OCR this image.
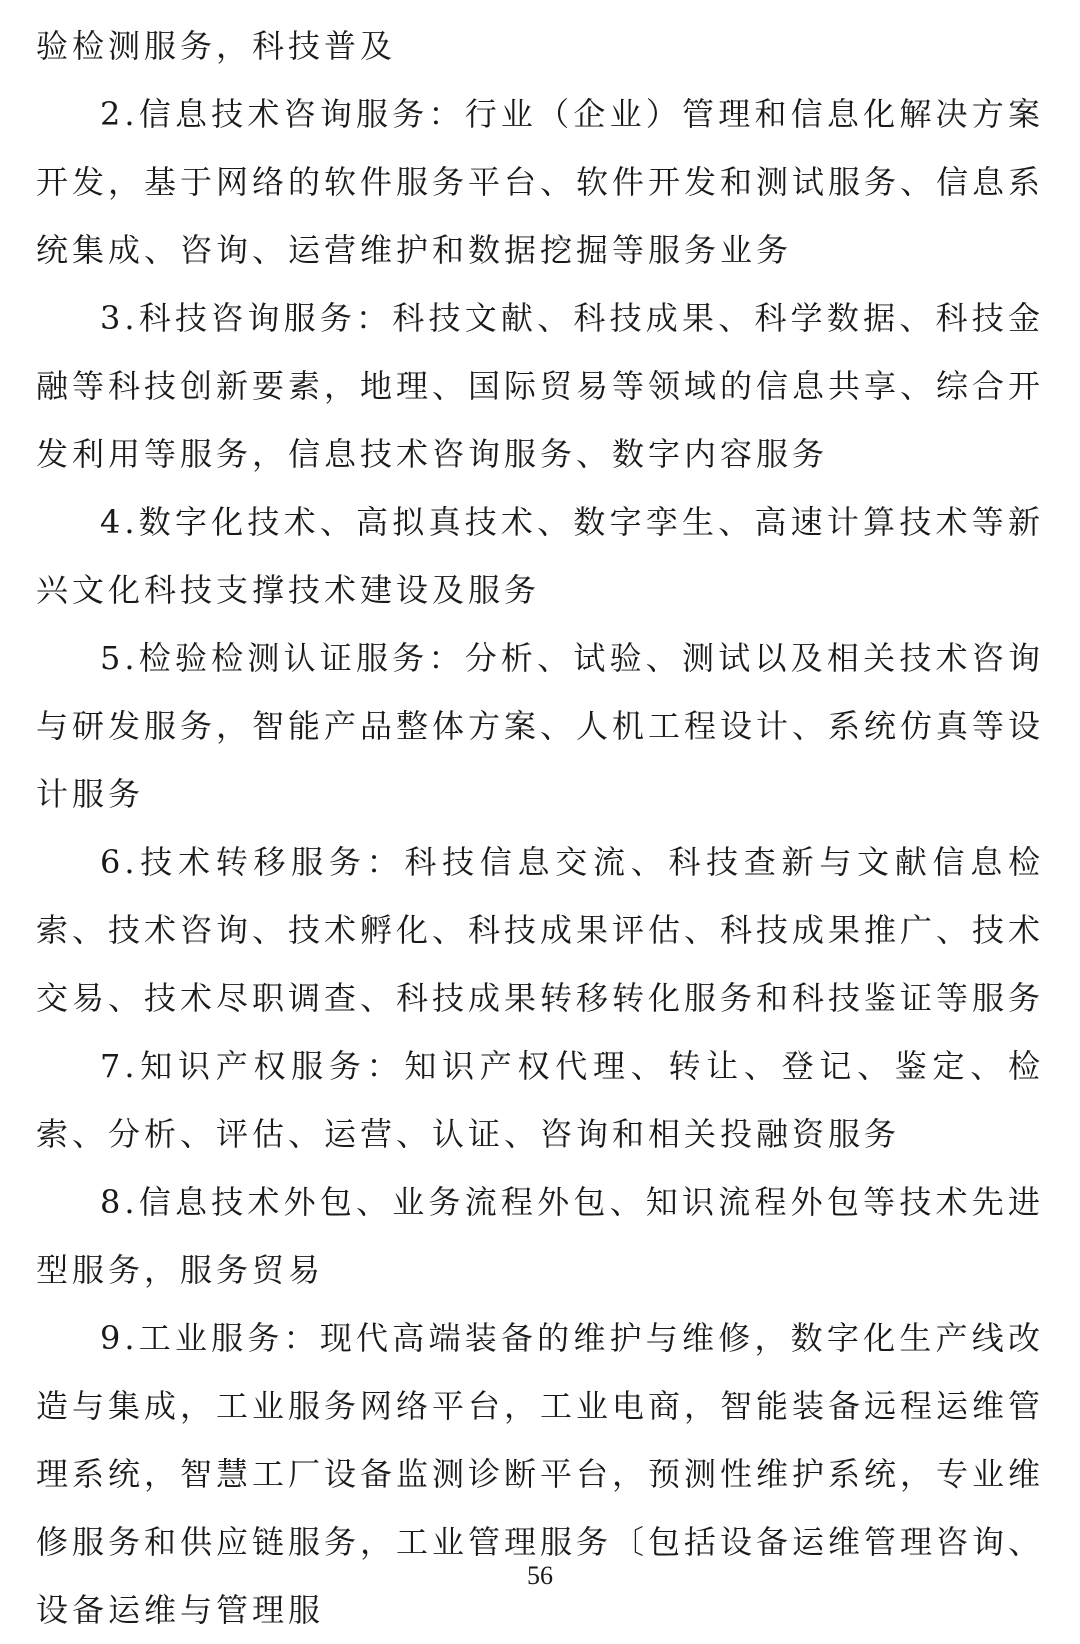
验检测服务，科技普及

2.信息技术咨询服务：行业（企业）管理和信息化解决方案开发，基于网络的软件服务平台、软件开发和测试服务、信息系统集成、咨询、运营维护和数据挖掘等服务业务

3.科技咨询服务：科技文献、科技成果、科学数据、科技金融等科技创新要素，地理、国际贸易等领域的信息共享、综合开发利用等服务，信息技术咨询服务、数字内容服务

4.数字化技术、高拟真技术、数字孪生、高速计算技术等新兴文化科技支撑技术建设及服务

5.检验检测认证服务：分析、试验、测试以及相关技术咨询与研发服务，智能产品整体方案、人机工程设计、系统仿真等设计服务

6.技术转移服务：科技信息交流、科技查新与文献信息检索、技术咨询、技术孵化、科技成果评估、科技成果推广、技术交易、技术尽职调查、科技成果转移转化服务和科技鉴证等服务

7.知识产权服务：知识产权代理、转让、登记、鉴定、检索、分析、评估、运营、认证、咨询和相关投融资服务

8.信息技术外包、业务流程外包、知识流程外包等技术先进型服务，服务贸易

9.工业服务：现代高端装备的维护与维修，数字化生产线改造与集成，工业服务网络平台，工业电商，智能装备远程运维管理系统，智慧工厂设备监测诊断平台，预测性维护系统，专业维修服务和供应链服务，工业管理服务〔包括设备运维管理咨询、设备运维与管理服

56
